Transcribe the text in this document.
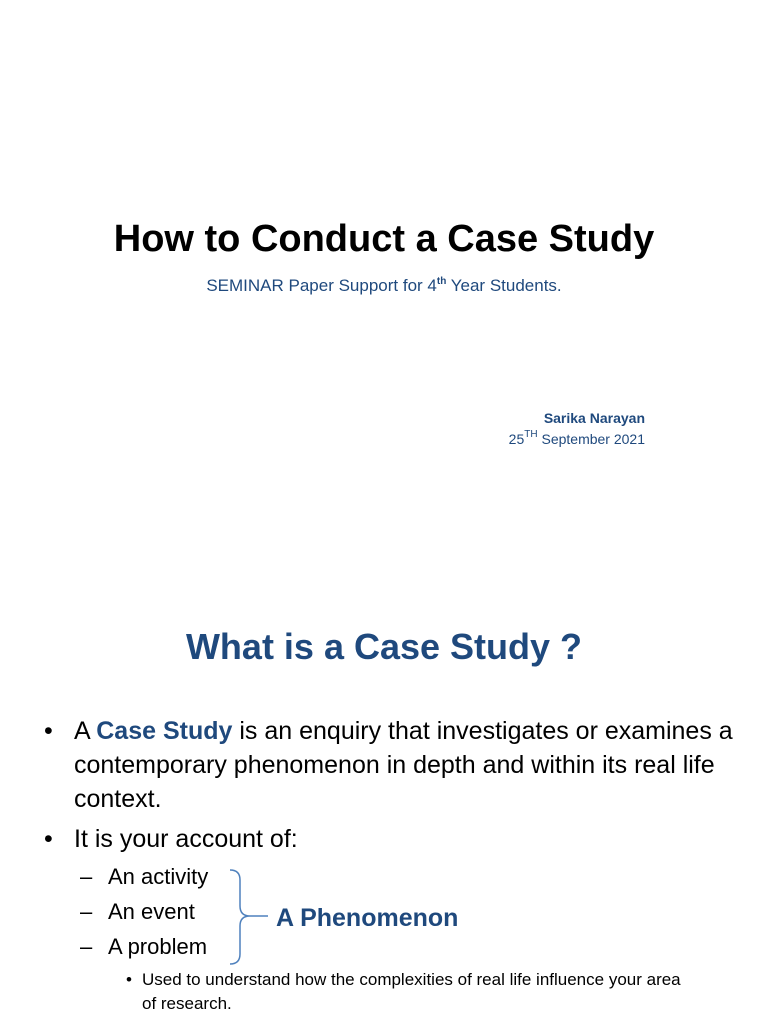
How to Conduct a Case Study
SEMINAR Paper Support for 4th Year Students.
Sarika Narayan
25TH September 2021
What is a Case Study ?
• A Case Study is an enquiry that investigates or examines a contemporary phenomenon in depth and within its real life context.
• It is your account of:
– An activity
– An event
– A problem
A Phenomenon
• Used to understand how the complexities of real life influence your area of research.
